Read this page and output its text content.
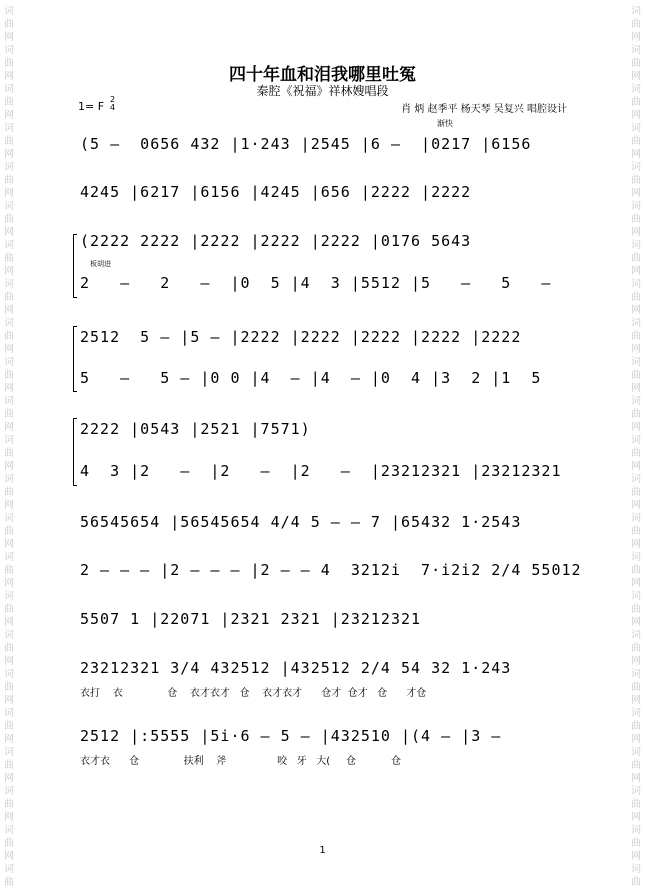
词
曲
网
词
曲
网
词
曲
网
词
曲
网
词
曲
网
词
曲
网
词
曲
网
词
曲
网
词
曲
网
词
曲
网
词
曲
网
词
曲
网
词
曲
网
词
曲
网
词
曲
网
词
曲
网
词
曲
网
词
曲
网
词
曲
网
词
曲
网
词
曲
网
词
曲
网
词
曲
词
曲
网
词
曲
网
词
曲
网
词
曲
网
词
曲
网
词
曲
网
词
曲
网
词
曲
网
词
曲
网
词
曲
网
词
曲
网
词
曲
网
词
曲
网
词
曲
网
词
曲
网
词
曲
网
词
曲
网
词
曲
网
词
曲
网
词
曲
网
词
曲
网
词
曲
网
词
曲
四十年血和泪我哪里吐冤
秦腔《祝福》祥林嫂唱段
1= F
2
4	肖 炳 赵季平 杨天琴 吴复兴 唱腔设计
渐快
(5 –  0656 432 |1·243 |2545 |6 –  |0217 |6156
4245 |6217 |6156 |4245 |656 |2222 |2222
(2222 2222 |2222 |2222 |2222 |0176 5643
板胡进
2   –   2   –  |0  5 |4  3 |5512 |5   –   5   –
2512  5 – |5 – |2222 |2222 |2222 |2222 |2222
5   –   5 – |0 0 |4  – |4  – |0  4 |3  2 |1  5
2222 |0543 |2521 |7571)
4  3 |2   –  |2   –  |2   –  |23212321 |23212321
56545654 |56545654 4/4 5 – – 7 |65432 1·2543
2 – – – |2 – – – |2 – – 4  3212i  7·i2i2 2/4 55012
5507 1 |22071 |2321 2321 |23212321
23212321 3/4 432512 |432512 2/4 54 32 1·243
衣打    衣              仓    衣才衣才   仓    衣才衣才      仓才  仓才   仓      才仓
2512 |:5555 |5i·6 – 5 – |432510 |(4 – |3 –
衣才衣      仓              扶利    斧                咬   牙   大(     仓           仓
1
